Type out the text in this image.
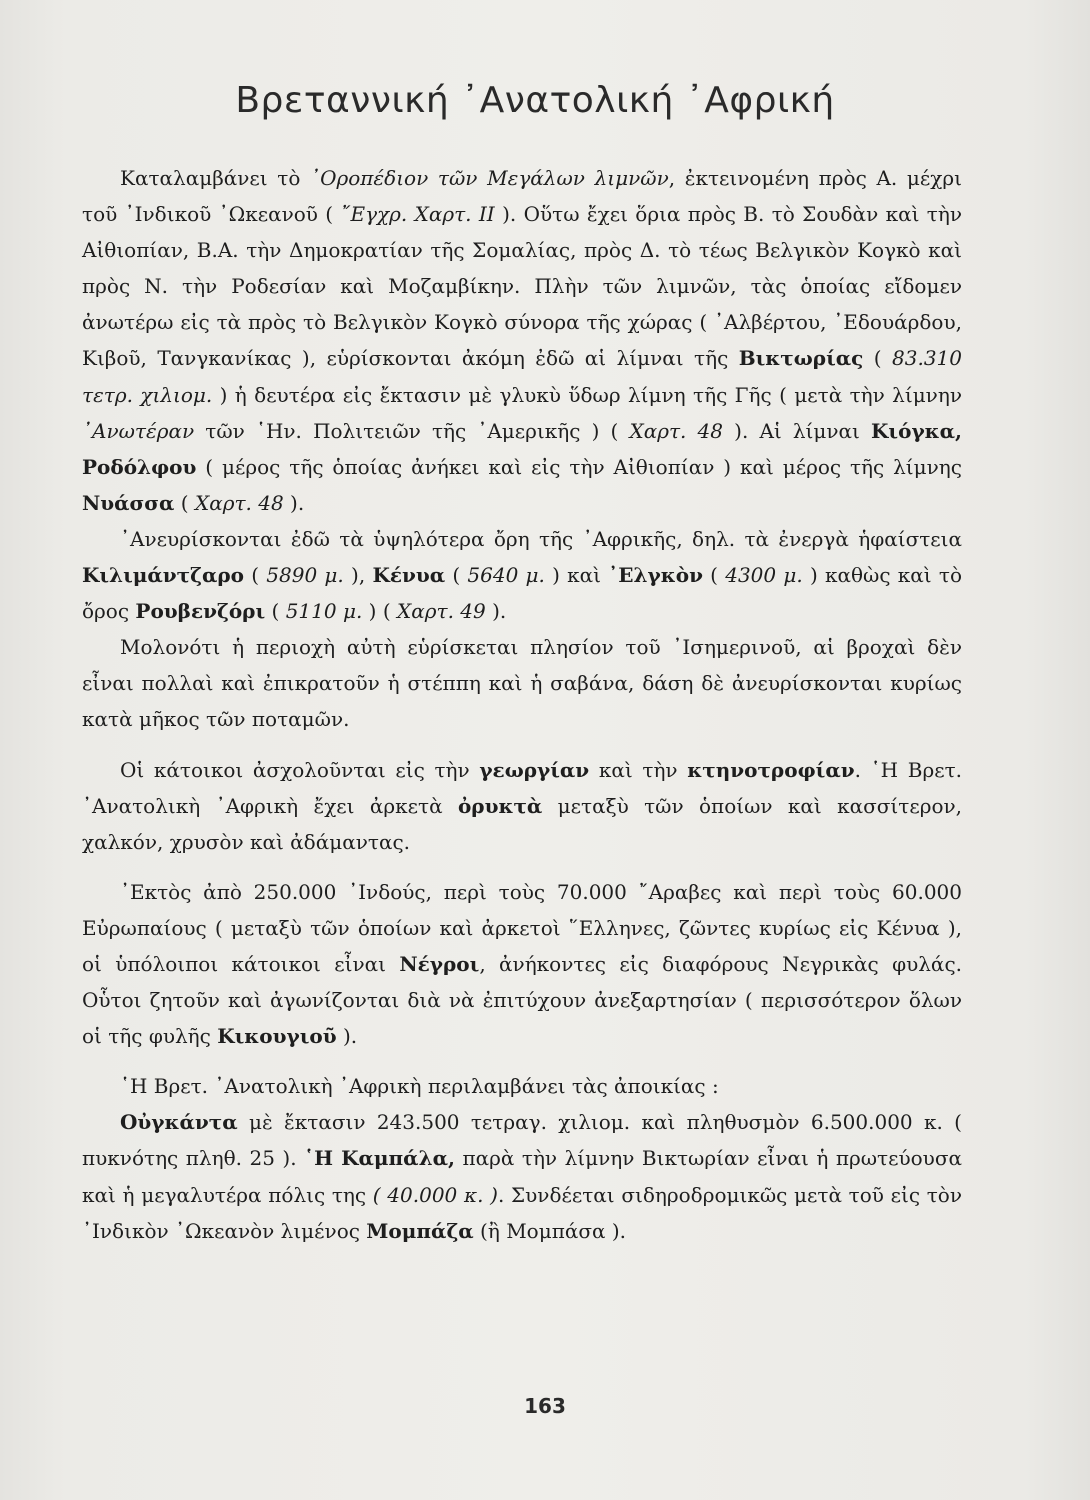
Βρεταννική ᾽Ανατολική ᾽Αφρική

Καταλαμβάνει τὸ ᾽Οροπέδιον τῶν Μεγάλων λιμνῶν, ἐκτεινομένη πρὸς Α. μέχρι τοῦ ᾽Ινδικοῦ ᾽Ωκεανοῦ ( ῎Εγχρ. Χαρτ. ΙΙ ). Οὕτω ἔχει ὅρια πρὸς Β. τὸ Σουδὰν καὶ τὴν Αἰθιοπίαν, Β.Α. τὴν Δημοκρατίαν τῆς Σομαλίας, πρὸς Δ. τὸ τέως Βελγικὸν Κογκὸ καὶ πρὸς Ν. τὴν Ροδεσίαν καὶ Μοζαμβίκην. Πλὴν τῶν λιμνῶν, τὰς ὁποίας εἴδομεν ἀνωτέρω εἰς τὰ πρὸς τὸ Βελγικὸν Κογκὸ σύνορα τῆς χώρας ( ᾽Αλβέρτου, ᾽Εδουάρδου, Κιβοῦ, Τανγκανίκας ), εὑρίσκονται ἀκόμη ἐδῶ αἱ λίμναι τῆς Βικτωρίας ( 83.310 τετρ. χιλιομ. ) ἡ δευτέρα εἰς ἔκτασιν μὲ γλυκὺ ὕδωρ λίμνη τῆς Γῆς ( μετὰ τὴν λίμνην ᾽Ανωτέραν τῶν ῾Ην. Πολιτειῶν τῆς ᾽Αμερικῆς ) ( Χαρτ. 48 ). Αἱ λίμναι Κιόγκα, Ροδόλφου ( μέρος τῆς ὁποίας ἀνήκει καὶ εἰς τὴν Αἰθιοπίαν ) καὶ μέρος τῆς λίμνης Νυάσσα ( Χαρτ. 48 ).

᾽Ανευρίσκονται ἐδῶ τὰ ὑψηλότερα ὄρη τῆς ᾽Αφρικῆς, δηλ. τὰ ἐνεργὰ ἡφαίστεια Κιλιμάντζαρο ( 5890 μ. ), Κένυα ( 5640 μ. ) καὶ ᾽Ελγκὸν ( 4300 μ. ) καθὼς καὶ τὸ ὄρος Ρουβενζόρι ( 5110 μ. ) ( Χαρτ. 49 ).

Μολονότι ἡ περιοχὴ αὐτὴ εὑρίσκεται πλησίον τοῦ ᾽Ισημερινοῦ, αἱ βροχαὶ δὲν εἶναι πολλαὶ καὶ ἐπικρατοῦν ἡ στέππη καὶ ἡ σαβάνα, δάση δὲ ἀνευρίσκονται κυρίως κατὰ μῆκος τῶν ποταμῶν.

Οἱ κάτοικοι ἀσχολοῦνται εἰς τὴν γεωργίαν καὶ τὴν κτηνοτροφίαν. ῾Η Βρετ. ᾽Ανατολικὴ ᾽Αφρικὴ ἔχει ἀρκετὰ ὀρυκτὰ μεταξὺ τῶν ὁποίων καὶ κασσίτερον, χαλκόν, χρυσὸν καὶ ἀδάμαντας.

᾽Εκτὸς ἀπὸ 250.000 ᾽Ινδούς, περὶ τοὺς 70.000 ῎Αραβες καὶ περὶ τοὺς 60.000 Εὐρωπαίους ( μεταξὺ τῶν ὁποίων καὶ ἀρκετοὶ ῞Ελληνες, ζῶντες κυρίως εἰς Κένυα ), οἱ ὑπόλοιποι κάτοικοι εἶναι Νέγροι, ἀνήκοντες εἰς διαφόρους Νεγρικὰς φυλάς. Οὗτοι ζητοῦν καὶ ἀγωνίζονται διὰ νὰ ἐπιτύχουν ἀνεξαρτησίαν ( περισσότερον ὅλων οἱ τῆς φυλῆς Κικουγιοῦ ).

῾Η Βρετ. ᾽Ανατολικὴ ᾽Αφρικὴ περιλαμβάνει τὰς ἀποικίας :

Οὐγκάντα μὲ ἔκτασιν 243.500 τετραγ. χιλιομ. καὶ πληθυσμὸν 6.500.000 κ. ( πυκνότης πληθ. 25 ). ῾Η Καμπάλα, παρὰ τὴν λίμνην Βικτωρίαν εἶναι ἡ πρωτεύουσα καὶ ἡ μεγαλυτέρα πόλις της ( 40.000 κ. ). Συνδέεται σιδηροδρομικῶς μετὰ τοῦ εἰς τὸν ᾽Ινδικὸν ᾽Ωκεανὸν λιμένος Μομπάζα (ἢ Μομπάσα ).

163
